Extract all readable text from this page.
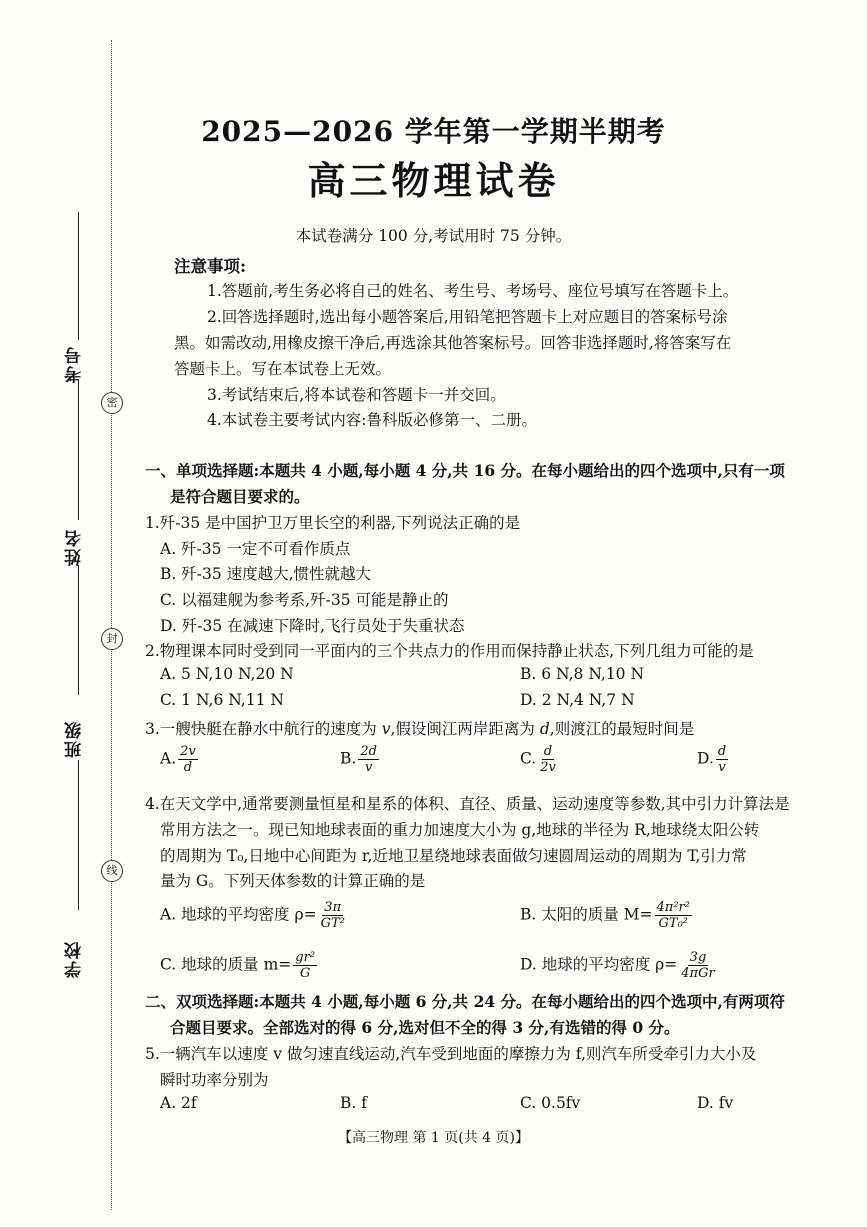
考号
姓名
班级
学校
密
封
线
2025—2026 学年第一学期半期考
高三物理试卷
本试卷满分 100 分,考试用时 75 分钟。
注意事项:
1.答题前,考生务必将自己的姓名、考生号、考场号、座位号填写在答题卡上。
2.回答选择题时,选出每小题答案后,用铅笔把答题卡上对应题目的答案标号涂
黑。如需改动,用橡皮擦干净后,再选涂其他答案标号。回答非选择题时,将答案写在
答题卡上。写在本试卷上无效。
3.考试结束后,将本试卷和答题卡一并交回。
4.本试卷主要考试内容:鲁科版必修第一、二册。
一、单项选择题:本题共 4 小题,每小题 4 分,共 16 分。在每小题给出的四个选项中,只有一项
是符合题目要求的。
1.歼-35 是中国护卫万里长空的利器,下列说法正确的是
A. 歼-35 一定不可看作质点
B. 歼-35 速度越大,惯性就越大
C. 以福建舰为参考系,歼-35 可能是静止的
D. 歼-35 在减速下降时,飞行员处于失重状态
2.物理课本同时受到同一平面内的三个共点力的作用而保持静止状态,下列几组力可能的是
A. 5 N,10 N,20 N	B. 6 N,8 N,10 N
C. 1 N,6 N,11 N	D. 2 N,4 N,7 N
3.一艘快艇在静水中航行的速度为 v,假设闽江两岸距离为 d,则渡江的最短时间是
A. $\frac{2v}{d}$	B. $\frac{2d}{v}$	C. $\frac{d}{2v}$	D. $\frac{d}{v}$
4.在天文学中,通常要测量恒星和星系的体积、直径、质量、运动速度等参数,其中引力计算法是
常用方法之一。现已知地球表面的重力加速度大小为 g,地球的半径为 R,地球绕太阳公转
的周期为 T₀,日地中心间距为 r,近地卫星绕地球表面做匀速圆周运动的周期为 T,引力常
量为 G。下列天体参数的计算正确的是
A. 地球的平均密度 $\rho= \frac{3\pi}{\text{GT²}}$	B. 太阳的质量 $M= \frac{\text{4π²r²}}{\text{GT₀²}}$
C. 地球的质量 $m= \frac{\text{gr²}}{G}$	D. 地球的平均密度 $\rho= \frac{3g}{\text{4πGr}}$
二、双项选择题:本题共 4 小题,每小题 6 分,共 24 分。在每小题给出的四个选项中,有两项符
合题目要求。全部选对的得 6 分,选对但不全的得 3 分,有选错的得 0 分。
5.一辆汽车以速度 v 做匀速直线运动,汽车受到地面的摩擦力为 f,则汽车所受牵引力大小及
瞬时功率分别为
A. 2f	B. f	C. 0.5fv	D. fv
【高三物理 第 1 页(共 4 页)】
